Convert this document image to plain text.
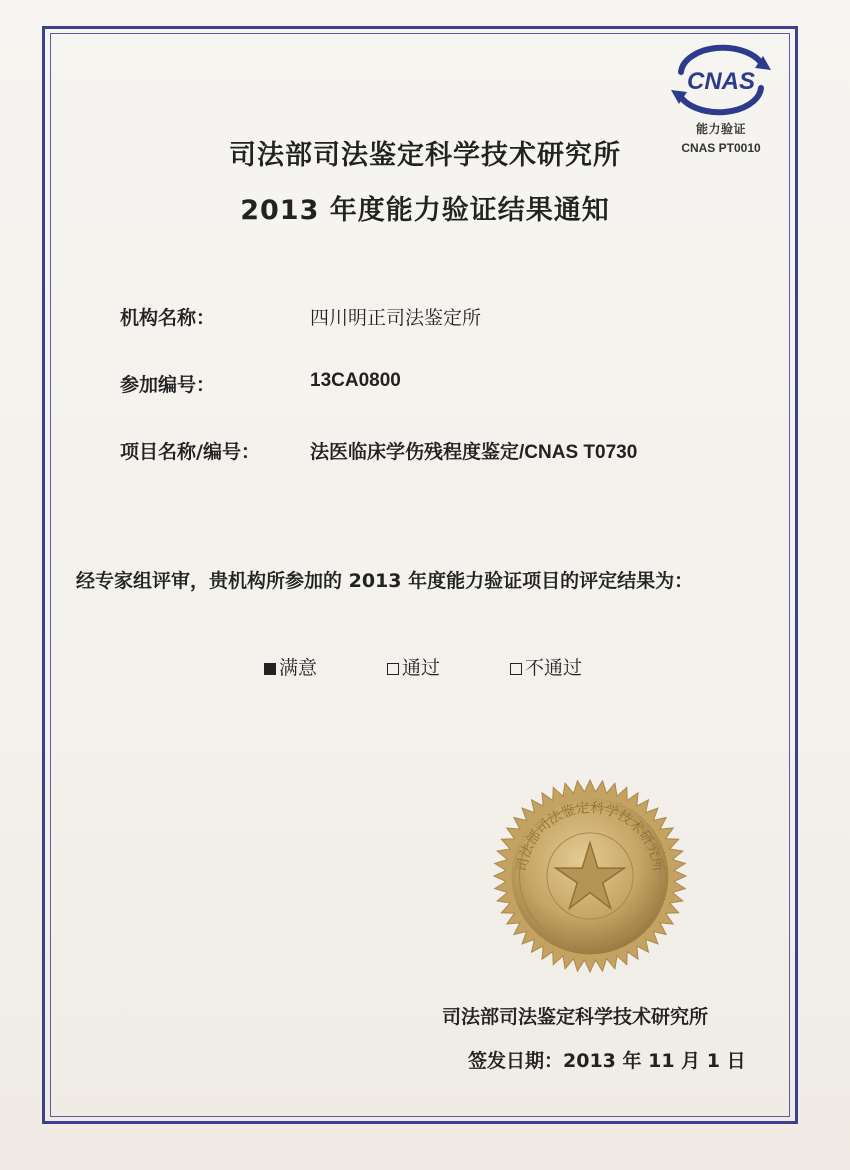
CNAS
能力验证
CNAS PT0010
司法部司法鉴定科学技术研究所
2013 年度能力验证结果通知
机构名称：	四川明正司法鉴定所
参加编号：	13CA0800
项目名称/编号：	法医临床学伤残程度鉴定/CNAS T0730
经专家组评审，贵机构所参加的 2013 年度能力验证项目的评定结果为：
满意	通过	不通过
司法部司法鉴定科学技术研究所
司法部司法鉴定科学技术研究所
签发日期：2013 年 11 月 1 日
